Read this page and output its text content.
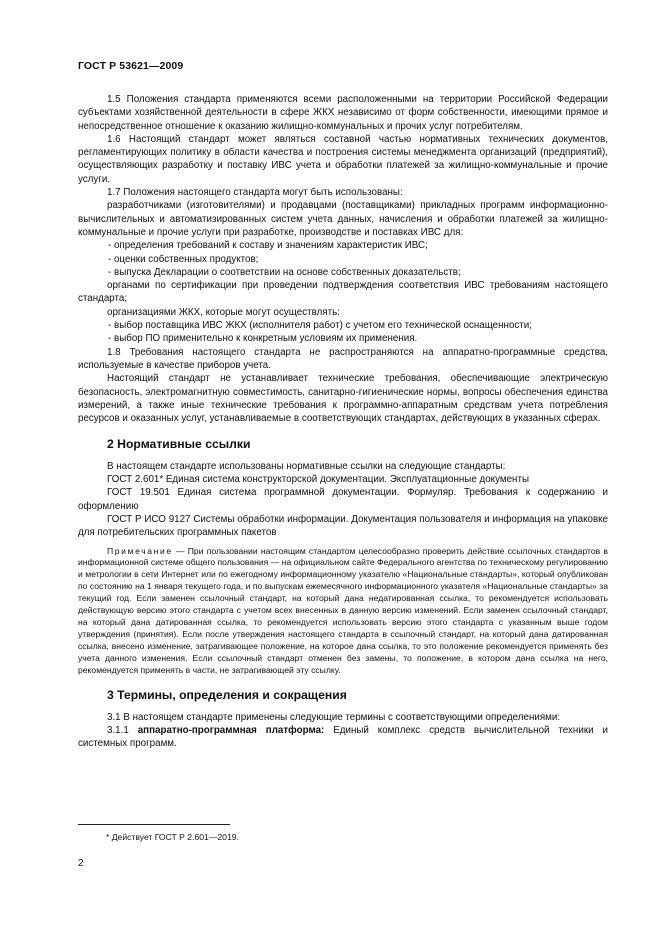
ГОСТ Р 53621—2009

1.5 Положения стандарта применяются всеми расположенными на территории Российской Федерации субъектами хозяйственной деятельности в сфере ЖКХ независимо от форм собственности, имеющими прямое и непосредственное отношение к оказанию жилищно-коммунальных и прочих услуг потребителям.

1.6 Настоящий стандарт может являться составной частью нормативных технических документов, регламентирующих политику в области качества и построения системы менеджмента организаций (предприятий), осуществляющих разработку и поставку ИВС учета и обработки платежей за жилищно-коммунальные и прочие услуги.

1.7 Положения настоящего стандарта могут быть использованы:

разработчиками (изготовителями) и продавцами (поставщиками) прикладных программ информационно-вычислительных и автоматизированных систем учета данных, начисления и обработки платежей за жилищно-коммунальные и прочие услуги при разработке, производстве и поставках ИВС для:

- определения требований к составу и значениям характеристик ИВС;

- оценки собственных продуктов;

- выпуска Декларации о соответствии на основе собственных доказательств;

органами по сертификации при проведении подтверждения соответствия ИВС требованиям настоящего стандарта;

организациями ЖКХ, которые могут осуществлять:

- выбор поставщика ИВС ЖКХ (исполнителя работ) с учетом его технической оснащенности;

- выбор ПО применительно к конкретным условиям их применения.

1.8 Требования настоящего стандарта не распространяются на аппаратно-программные средства, используемые в качестве приборов учета.

Настоящий стандарт не устанавливает технические требования, обеспечивающие электрическую безопасность, электромагнитную совместимость, санитарно-гигиенические нормы, вопросы обеспечения единства измерений, а также иные технические требования к программно-аппаратным средствам учета потребления ресурсов и оказанных услуг, устанавливаемые в соответствующих стандартах, действующих в указанных сферах.

2 Нормативные ссылки

В настоящем стандарте использованы нормативные ссылки на следующие стандарты:

ГОСТ 2.601* Единая система конструкторской документации. Эксплуатационные документы

ГОСТ 19.501 Единая система программной документации. Формуляр. Требования к содержанию и оформлению

ГОСТ Р ИСО 9127 Системы обработки информации. Документация пользователя и информация на упаковке для потребительских программных пакетов

Примечание — При пользовании настоящим стандартом целесообразно проверить действие ссылочных стандартов в информационной системе общего пользования — на официальном сайте Федерального агентства по техническому регулированию и метрологии в сети Интернет или по ежегодному информационному указателю «Национальные стандарты», который опубликован по состоянию на 1 января текущего года, и по выпускам ежемесячного информационного указателя «Национальные стандарты» за текущий год. Если заменен ссылочный стандарт, на который дана недатированная ссылка, то рекомендуется использовать действующую версию этого стандарта с учетом всех внесенных в данную версию изменений. Если заменен ссылочный стандарт, на который дана датированная ссылка, то рекомендуется использовать версию этого стандарта с указанным выше годом утверждения (принятия). Если после утверждения настоящего стандарта в ссылочный стандарт, на который дана датированная ссылка, внесено изменение, затрагивающее положение, на которое дана ссылка, то это положение рекомендуется применять без учета данного изменения. Если ссылочный стандарт отменен без замены, то положение, в котором дана ссылка на него, рекомендуется применять в части, не затрагивающей эту ссылку.

3 Термины, определения и сокращения

3.1 В настоящем стандарте применены следующие термины с соответствующими определениями:

3.1.1 аппаратно-программная платформа: Единый комплекс средств вычислительной техники и системных программ.

* Действует ГОСТ Р 2.601—2019.
2
